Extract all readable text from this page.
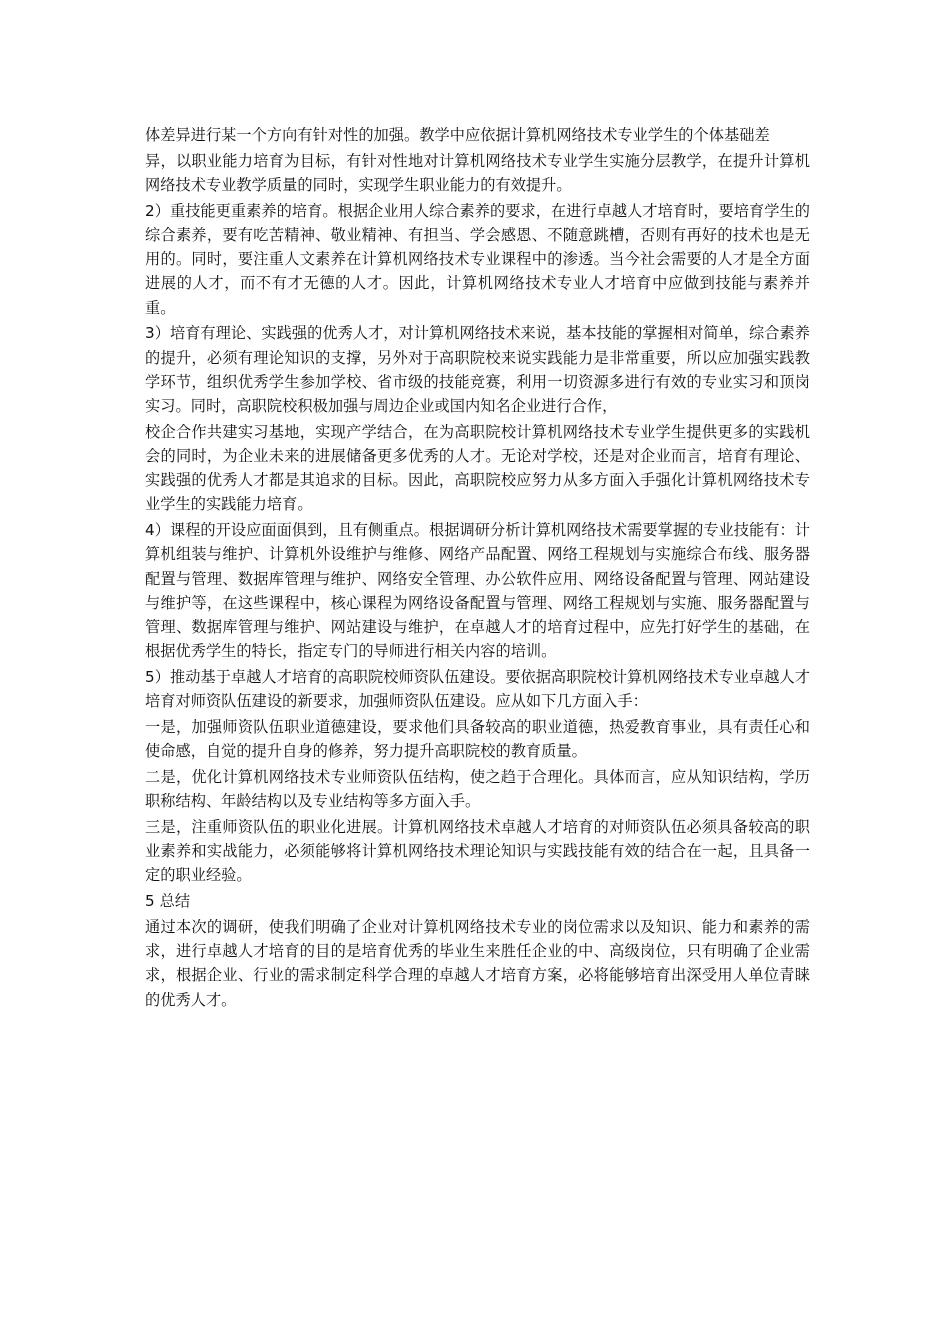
体差异进行某一个方向有针对性的加强。教学中应依据计算机网络技术专业学生的个体基础差

异，以职业能力培育为目标，有针对性地对计算机网络技术专业学生实施分层教学，在提升计算机网络技术专业教学质量的同时，实现学生职业能力的有效提升。

2）重技能更重素养的培育。根据企业用人综合素养的要求，在进行卓越人才培育时，要培育学生的综合素养，要有吃苦精神、敬业精神、有担当、学会感恩、不随意跳槽，否则有再好的技术也是无用的。同时，要注重人文素养在计算机网络技术专业课程中的渗透。当今社会需要的人才是全方面进展的人才，而不有才无德的人才。因此，计算机网络技术专业人才培育中应做到技能与素养并重。

3）培育有理论、实践强的优秀人才，对计算机网络技术来说，基本技能的掌握相对简单，综合素养的提升，必须有理论知识的支撑，另外对于高职院校来说实践能力是非常重要，所以应加强实践教学环节，组织优秀学生参加学校、省市级的技能竞赛，利用一切资源多进行有效的专业实习和顶岗实习。同时，高职院校积极加强与周边企业或国内知名企业进行合作，

校企合作共建实习基地，实现产学结合，在为高职院校计算机网络技术专业学生提供更多的实践机会的同时，为企业未来的进展储备更多优秀的人才。无论对学校，还是对企业而言，培育有理论、实践强的优秀人才都是其追求的目标。因此，高职院校应努力从多方面入手强化计算机网络技术专业学生的实践能力培育。

4）课程的开设应面面俱到，且有侧重点。根据调研分析计算机网络技术需要掌握的专业技能有：计算机组装与维护、计算机外设维护与维修、网络产品配置、网络工程规划与实施综合布线、服务器配置与管理、数据库管理与维护、网络安全管理、办公软件应用、网络设备配置与管理、网站建设与维护等，在这些课程中，核心课程为网络设备配置与管理、网络工程规划与实施、服务器配置与管理、数据库管理与维护、网站建设与维护，在卓越人才的培育过程中，应先打好学生的基础，在根据优秀学生的特长，指定专门的导师进行相关内容的培训。

5）推动基于卓越人才培育的高职院校师资队伍建设。要依据高职院校计算机网络技术专业卓越人才培育对师资队伍建设的新要求，加强师资队伍建设。应从如下几方面入手：

一是，加强师资队伍职业道德建设，要求他们具备较高的职业道德，热爱教育事业，具有责任心和使命感，自觉的提升自身的修养，努力提升高职院校的教育质量。

二是，优化计算机网络技术专业师资队伍结构，使之趋于合理化。具体而言，应从知识结构，学历职称结构、年龄结构以及专业结构等多方面入手。

三是，注重师资队伍的职业化进展。计算机网络技术卓越人才培育的对师资队伍必须具备较高的职业素养和实战能力，必须能够将计算机网络技术理论知识与实践技能有效的结合在一起，且具备一定的职业经验。

5 总结

通过本次的调研，使我们明确了企业对计算机网络技术专业的岗位需求以及知识、能力和素养的需求，进行卓越人才培育的目的是培育优秀的毕业生来胜任企业的中、高级岗位，只有明确了企业需求，根据企业、行业的需求制定科学合理的卓越人才培育方案，必将能够培育出深受用人单位青睐的优秀人才。
